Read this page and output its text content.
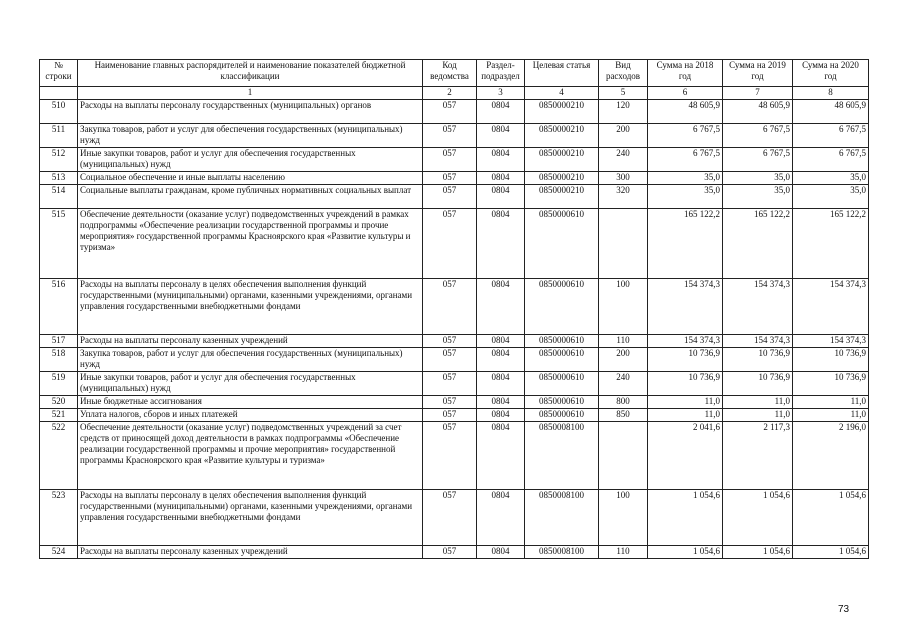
№ строки	Наименование главных распорядителей и наименование показателей бюджетной классификации	Код ведомства	Раздел-подраздел	Целевая статья	Вид расходов	Сумма на 2018 год	Сумма на 2019 год	Сумма на 2020 год
	1	2	3	4	5	6	7	8
510	Расходы на выплаты персоналу государственных (муниципальных) органов	057	0804	0850000210	120	48 605,9	48 605,9	48 605,9
511	Закупка товаров, работ и услуг для обеспечения государственных (муниципальных) нужд	057	0804	0850000210	200	6 767,5	6 767,5	6 767,5
512	Иные закупки товаров, работ и услуг для обеспечения государственных (муниципальных) нужд	057	0804	0850000210	240	6 767,5	6 767,5	6 767,5
513	Социальное обеспечение и иные выплаты населению	057	0804	0850000210	300	35,0	35,0	35,0
514	Социальные выплаты гражданам, кроме публичных нормативных социальных выплат	057	0804	0850000210	320	35,0	35,0	35,0
515	Обеспечение деятельности (оказание услуг) подведомственных учреждений в рамках подпрограммы «Обеспечение реализации государственной программы и прочие мероприятия» государственной программы Красноярского края «Развитие культуры и туризма»	057	0804	0850000610		165 122,2	165 122,2	165 122,2
516	Расходы на выплаты персоналу в целях обеспечения выполнения функций государственными (муниципальными) органами, казенными учреждениями, органами управления государственными внебюджетными фондами	057	0804	0850000610	100	154 374,3	154 374,3	154 374,3
517	Расходы на выплаты персоналу казенных учреждений	057	0804	0850000610	110	154 374,3	154 374,3	154 374,3
518	Закупка товаров, работ и услуг для обеспечения государственных (муниципальных) нужд	057	0804	0850000610	200	10 736,9	10 736,9	10 736,9
519	Иные закупки товаров, работ и услуг для обеспечения государственных (муниципальных) нужд	057	0804	0850000610	240	10 736,9	10 736,9	10 736,9
520	Иные бюджетные ассигнования	057	0804	0850000610	800	11,0	11,0	11,0
521	Уплата налогов, сборов и иных платежей	057	0804	0850000610	850	11,0	11,0	11,0
522	Обеспечение деятельности (оказание услуг) подведомственных учреждений за счет средств от приносящей доход деятельности в рамках подпрограммы «Обеспечение реализации государственной программы и прочие мероприятия» государственной программы Красноярского края «Развитие культуры и туризма»	057	0804	0850008100		2 041,6	2 117,3	2 196,0
523	Расходы на выплаты персоналу в целях обеспечения выполнения функций государственными (муниципальными) органами, казенными учреждениями, органами управления государственными внебюджетными фондами	057	0804	0850008100	100	1 054,6	1 054,6	1 054,6
524	Расходы на выплаты персоналу казенных учреждений	057	0804	0850008100	110	1 054,6	1 054,6	1 054,6
73
